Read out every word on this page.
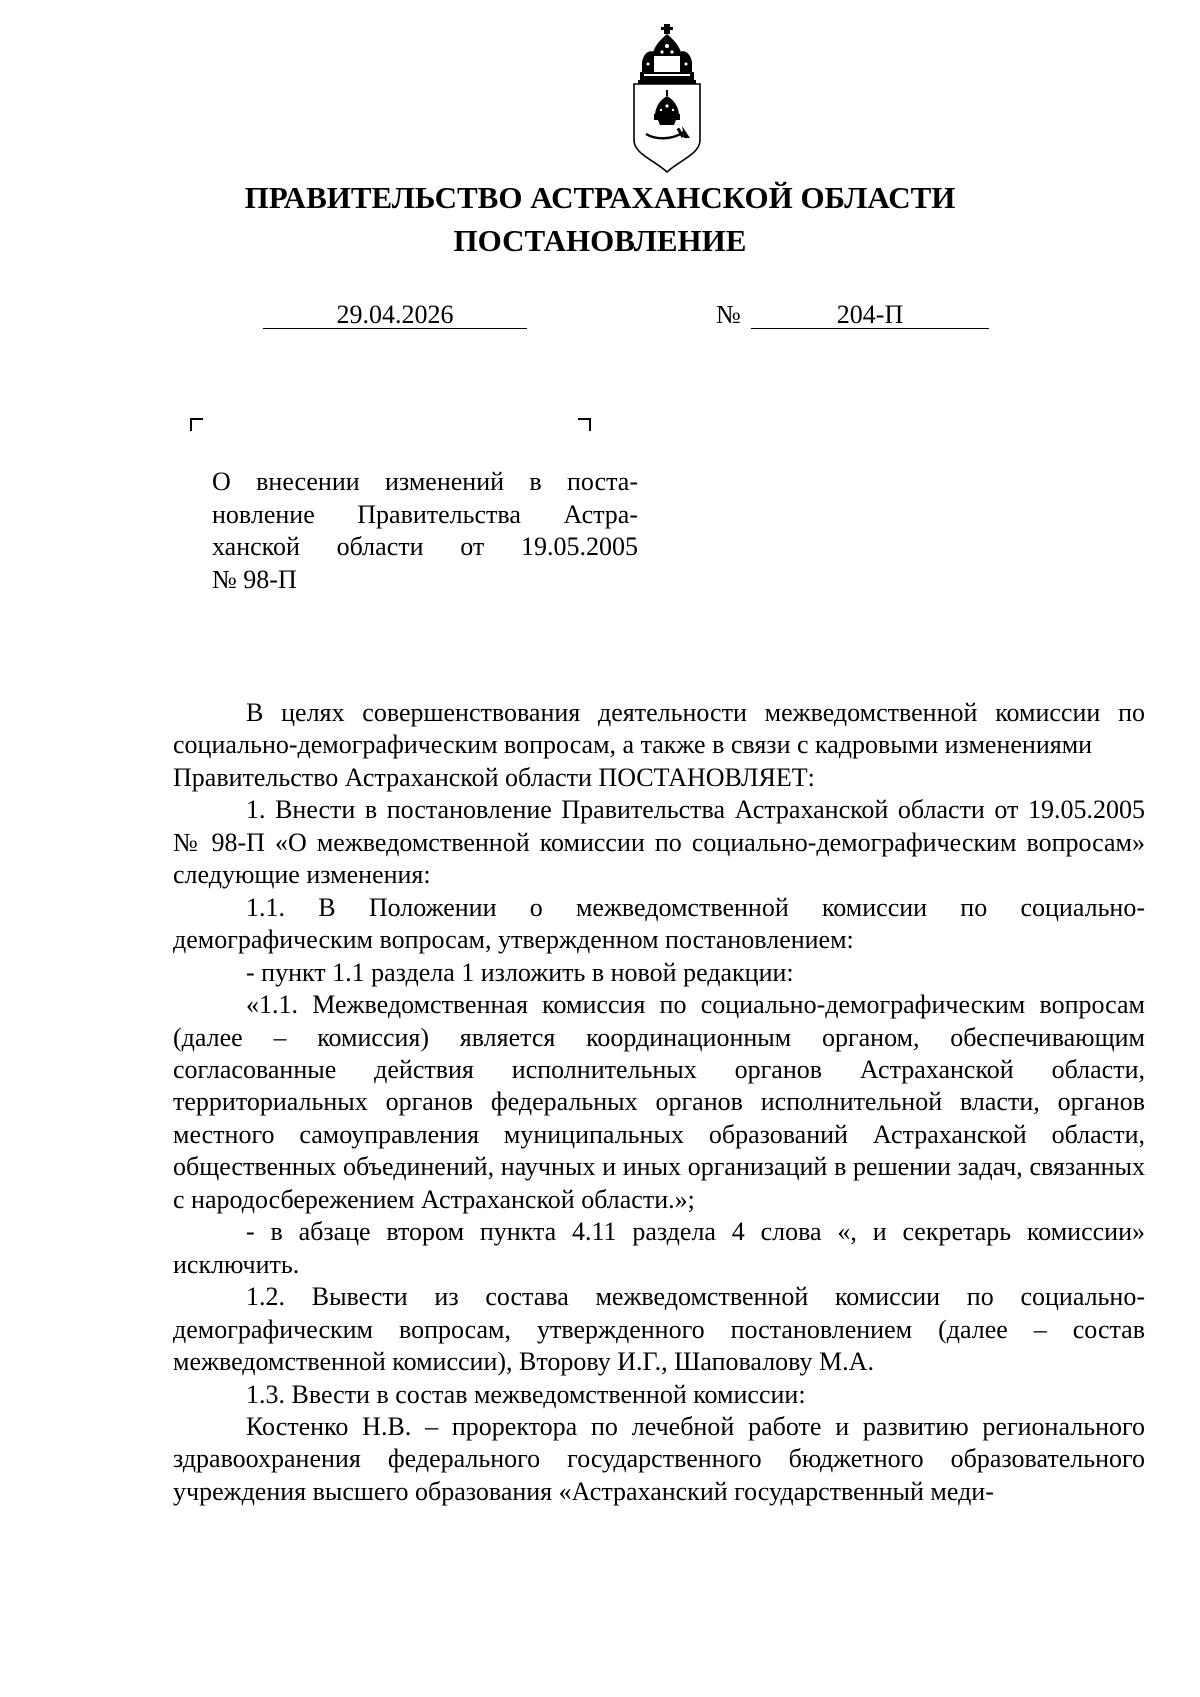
ПРАВИТЕЛЬСТВО АСТРАХАНСКОЙ ОБЛАСТИ
ПОСТАНОВЛЕНИЕ
29.04.2026	№	204-П
О внесении изменений в поста-
новление Правительства Астра-
ханской области от 19.05.2005
№ 98-П

В целях совершенствования деятельности межведомственной комиссии по социально-демографическим вопросам, а также в связи с кадровыми изменениями

Правительство Астраханской области ПОСТАНОВЛЯЕТ:

1. Внести в постановление Правительства Астраханской области от 19.05.2005 № 98-П «О межведомственной комиссии по социально-демографическим вопросам» следующие изменения:

1.1. В Положении о межведомственной комиссии по социально-демографическим вопросам, утвержденном постановлением:

- пункт 1.1 раздела 1 изложить в новой редакции:

«1.1. Межведомственная комиссия по социально-демографическим вопросам (далее – комиссия) является координационным органом, обеспечивающим согласованные действия исполнительных органов Астраханской области, территориальных органов федеральных органов исполнительной власти, органов местного самоуправления муниципальных образований Астраханской области, общественных объединений, научных и иных организаций в решении задач, связанных с народосбережением Астраханской области.»;

- в абзаце втором пункта 4.11 раздела 4 слова «, и секретарь комиссии» исключить.

1.2. Вывести из состава межведомственной комиссии по социально-демографическим вопросам, утвержденного постановлением (далее – состав межведомственной комиссии), Второву И.Г., Шаповалову М.А.

1.3. Ввести в состав межведомственной комиссии:

Костенко Н.В. – проректора по лечебной работе и развитию регионального здравоохранения федерального государственного бюджетного образовательного учреждения высшего образования «Астраханский государственный меди-
